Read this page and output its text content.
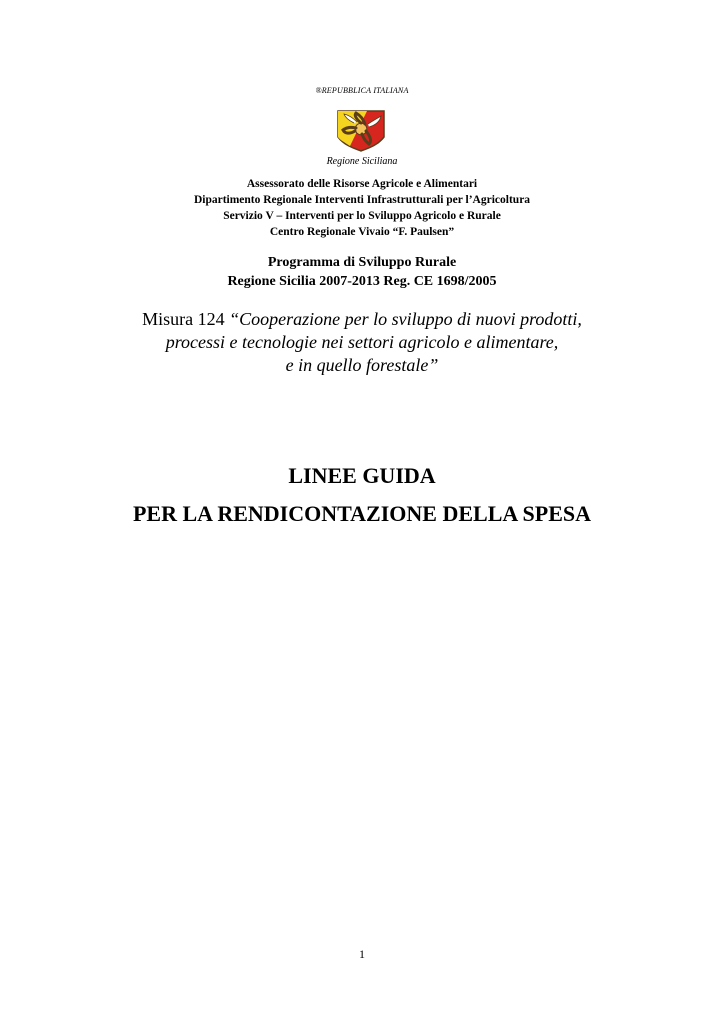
®REPUBBLICA ITALIANA

Regione Siciliana

Assessorato delle Risorse Agricole e Alimentari
Dipartimento Regionale Interventi Infrastrutturali per l’Agricoltura
Servizio V – Interventi per lo Sviluppo Agricolo e Rurale
Centro Regionale Vivaio “F. Paulsen”
Programma di Sviluppo Rurale
Regione Sicilia 2007-2013 Reg. CE 1698/2005
Misura 124 “Cooperazione per lo sviluppo di nuovi prodotti,
processi e tecnologie nei settori agricolo e alimentare,
e in quello forestale”
LINEE GUIDA
PER LA RENDICONTAZIONE DELLA SPESA

1
